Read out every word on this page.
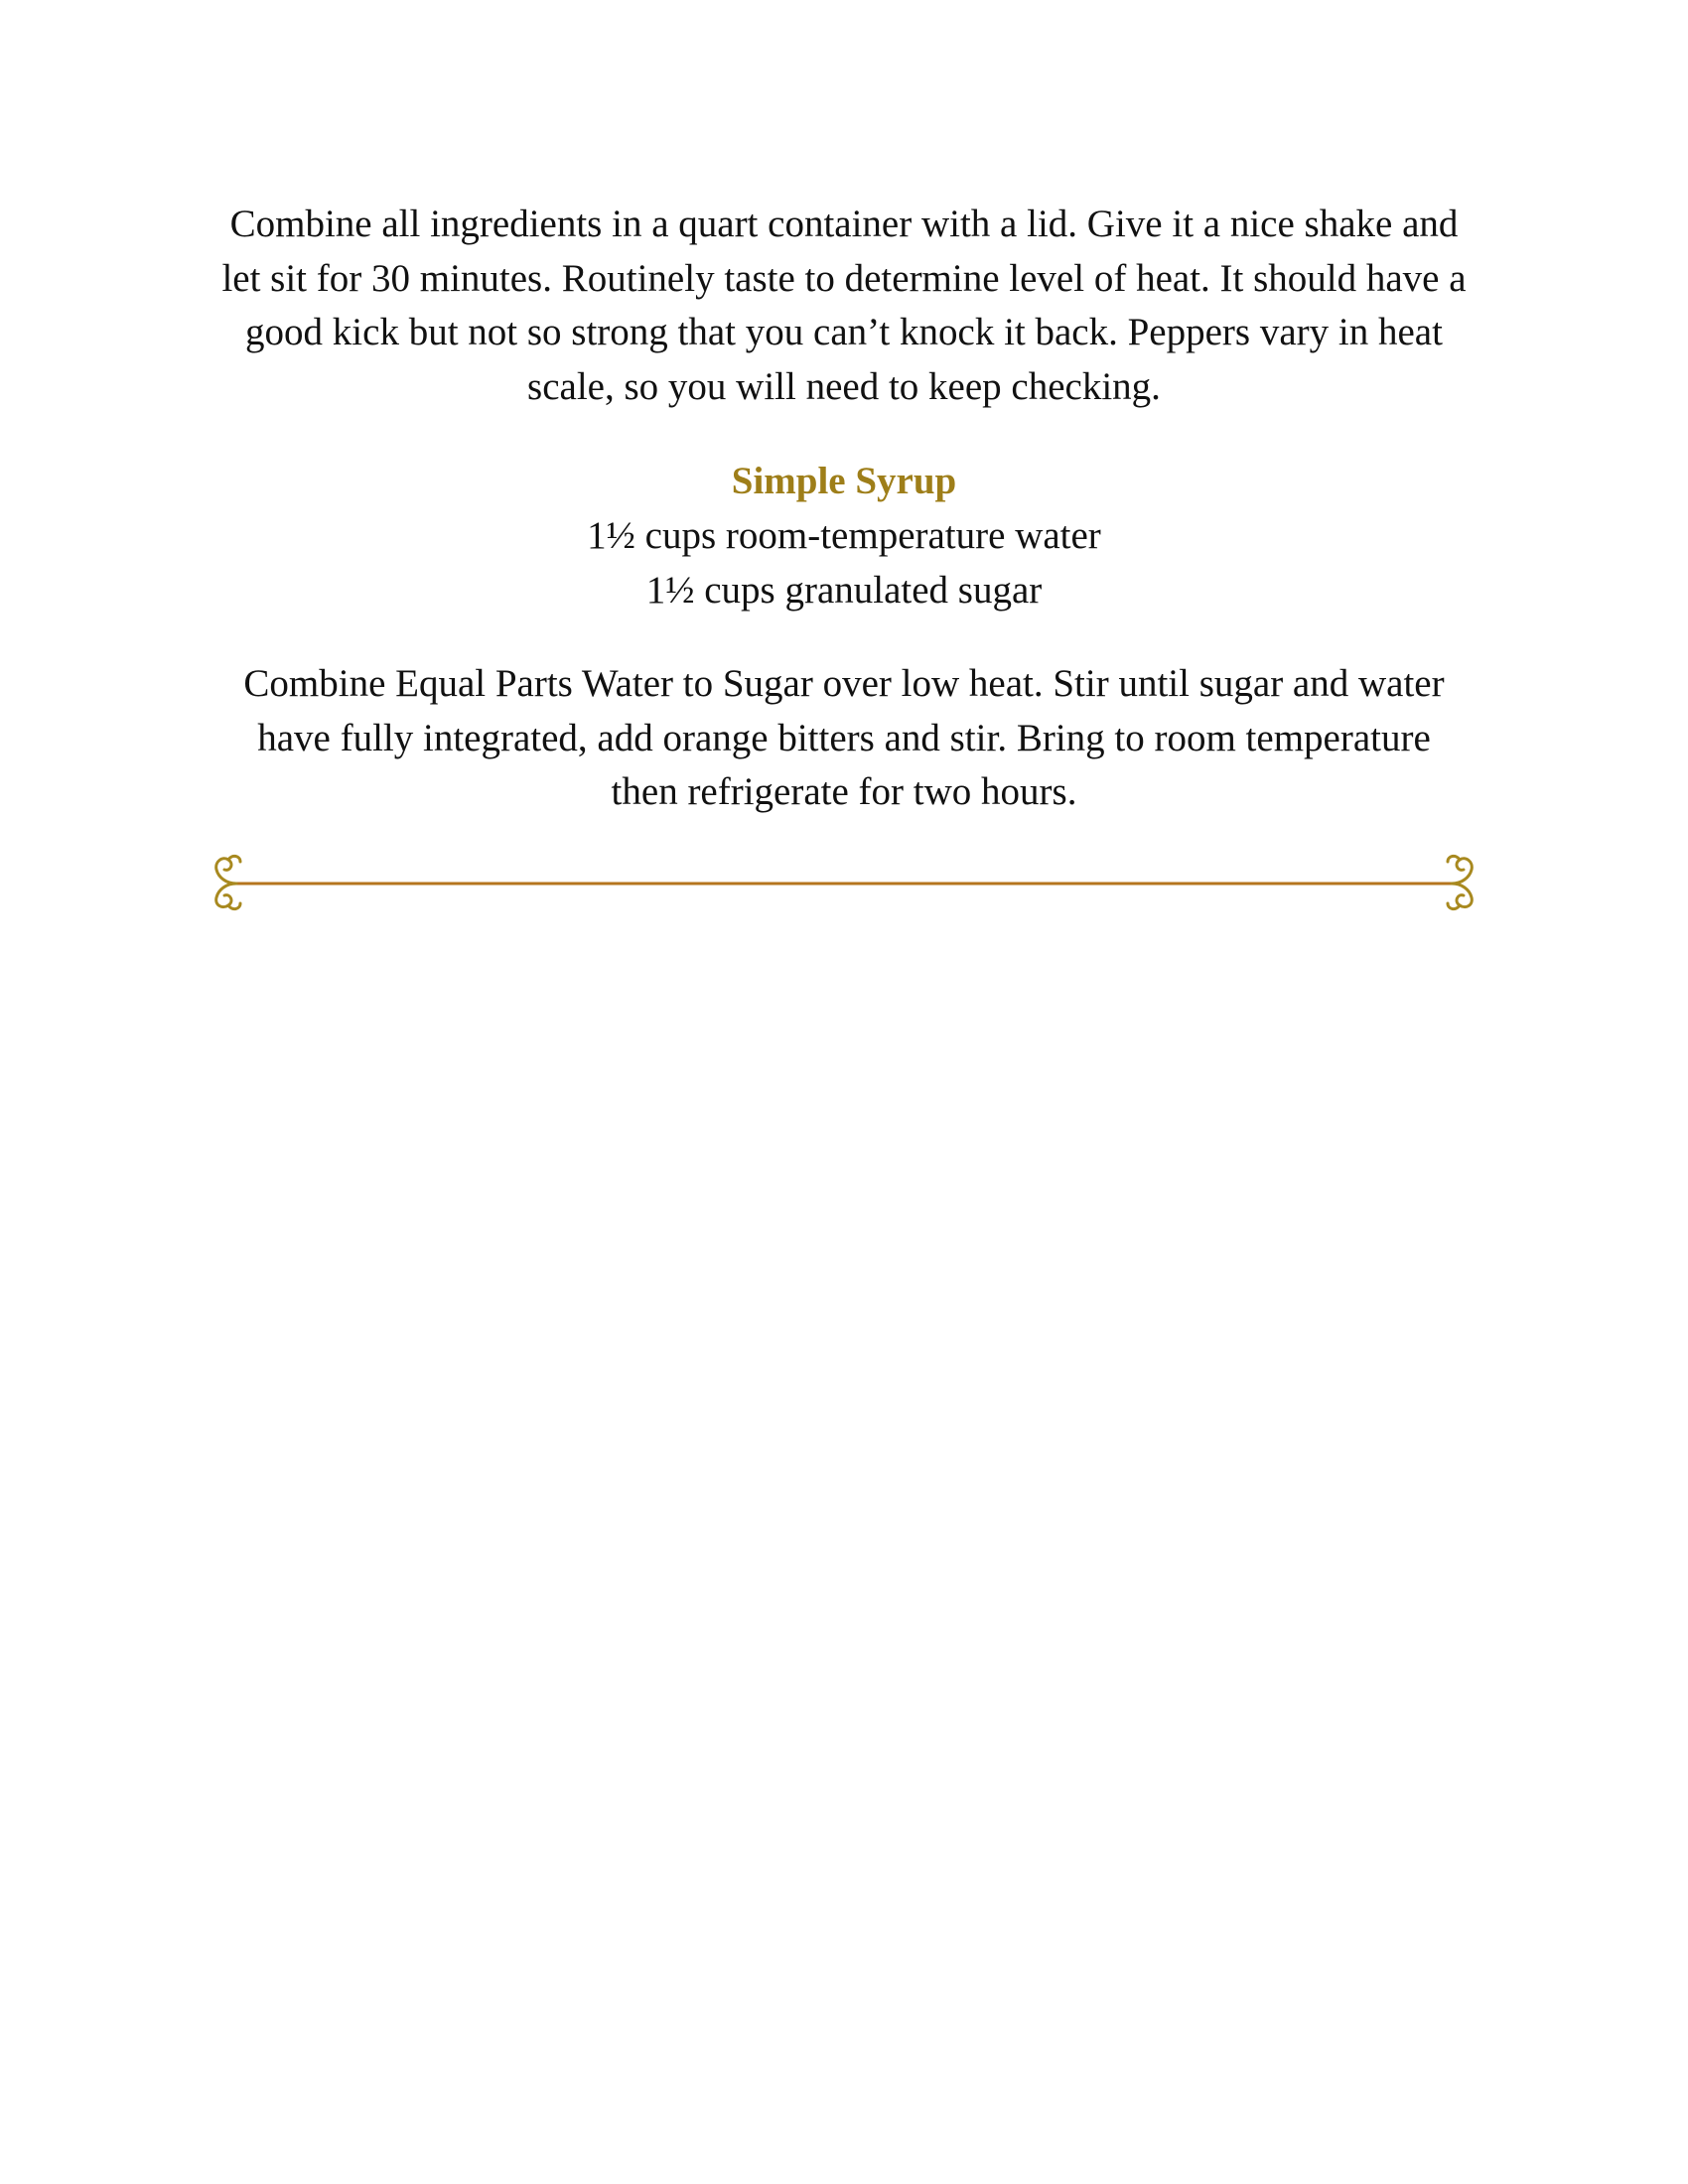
Combine all ingredients in a quart container with a lid. Give it a nice shake and let sit for 30 minutes. Routinely taste to determine level of heat. It should have a good kick but not so strong that you can’t knock it back. Peppers vary in heat scale, so you will need to keep checking.

Simple Syrup
1½ cups room-temperature water
1½ cups granulated sugar

Combine Equal Parts Water to Sugar over low heat. Stir until sugar and water have fully integrated, add orange bitters and stir. Bring to room temperature then refrigerate for two hours.
